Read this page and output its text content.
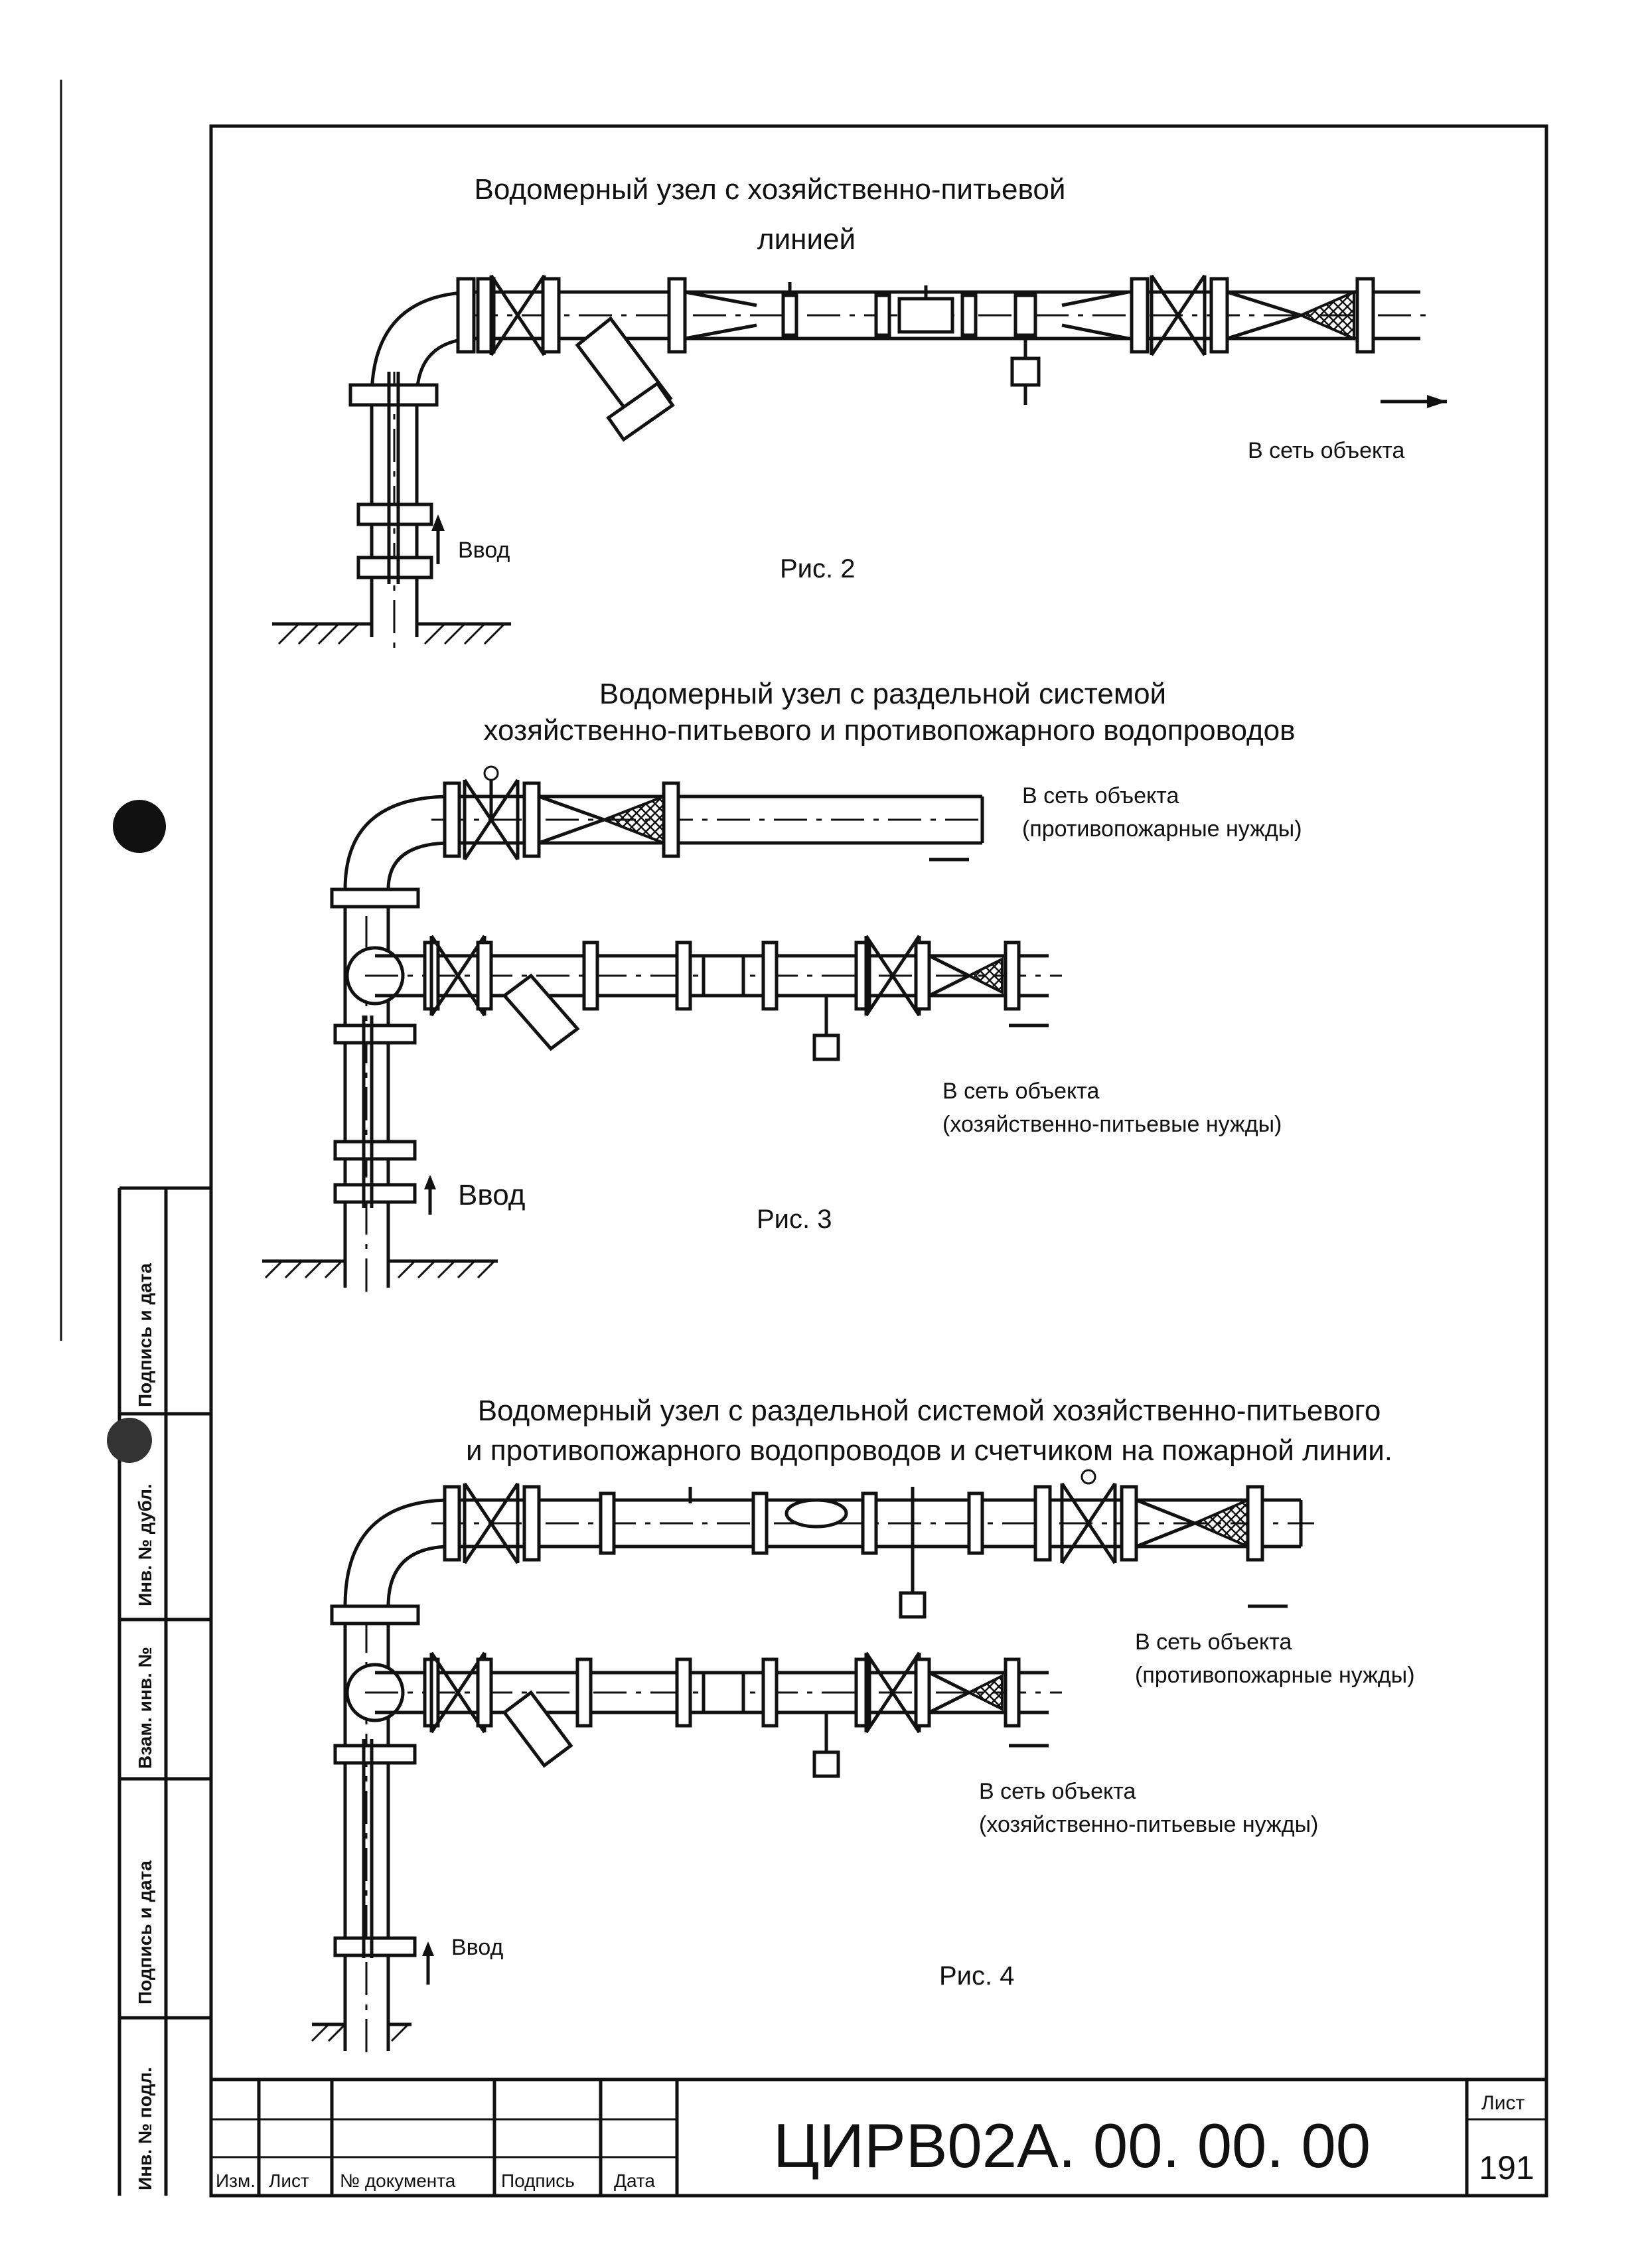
Водомерный узел с хозяйственно-питьевой
линией
В сеть объекта
Ввод
Рис. 2
Водомерный узел с раздельной системой
хозяйственно-питьевого и противопожарного водопроводов
В сеть объекта
(противопожарные нужды)
В сеть объекта
(хозяйственно-питьевые нужды)
Ввод
Рис. 3
Водомерный узел с раздельной системой хозяйственно-питьевого
и противопожарного водопроводов и счетчиком на пожарной линии.
В сеть объекта
(противопожарные нужды)
В сеть объекта
(хозяйственно-питьевые нужды)
Ввод
Рис. 4
Подпись и дата
Инв. № дубл.
Взам. инв. №
Подпись и дата
Инв. № подл.	Изм. Лист № документа Подпись Дата
ЦИРВ02А. 00. 00. 00
Лист
191
